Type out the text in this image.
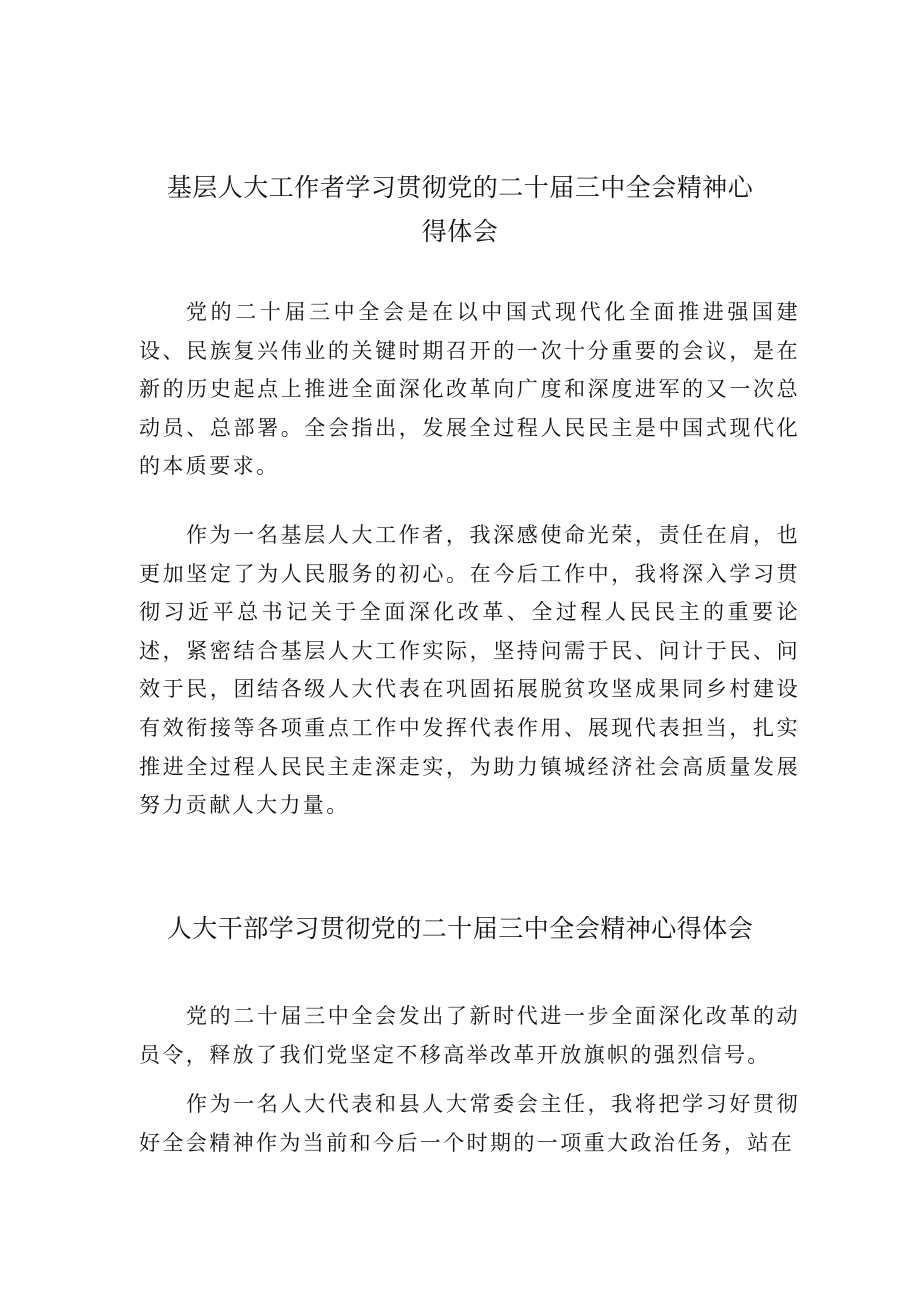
基层人大工作者学习贯彻党的二十届三中全会精神心
得体会

党的二十届三中全会是在以中国式现代化全面推进强国建设、民族复兴伟业的关键时期召开的一次十分重要的会议，是在新的历史起点上推进全面深化改革向广度和深度进军的又一次总动员、总部署。全会指出，发展全过程人民民主是中国式现代化的本质要求。

作为一名基层人大工作者，我深感使命光荣，责任在肩，也更加坚定了为人民服务的初心。在今后工作中，我将深入学习贯彻习近平总书记关于全面深化改革、全过程人民民主的重要论述，紧密结合基层人大工作实际，坚持问需于民、问计于民、问效于民，团结各级人大代表在巩固拓展脱贫攻坚成果同乡村建设有效衔接等各项重点工作中发挥代表作用、展现代表担当，扎实推进全过程人民民主走深走实，为助力镇城经济社会高质量发展努力贡献人大力量。

人大干部学习贯彻党的二十届三中全会精神心得体会

党的二十届三中全会发出了新时代进一步全面深化改革的动员令，释放了我们党坚定不移高举改革开放旗帜的强烈信号。

作为一名人大代表和县人大常委会主任，我将把学习好贯彻好全会精神作为当前和今后一个时期的一项重大政治任务，站在
